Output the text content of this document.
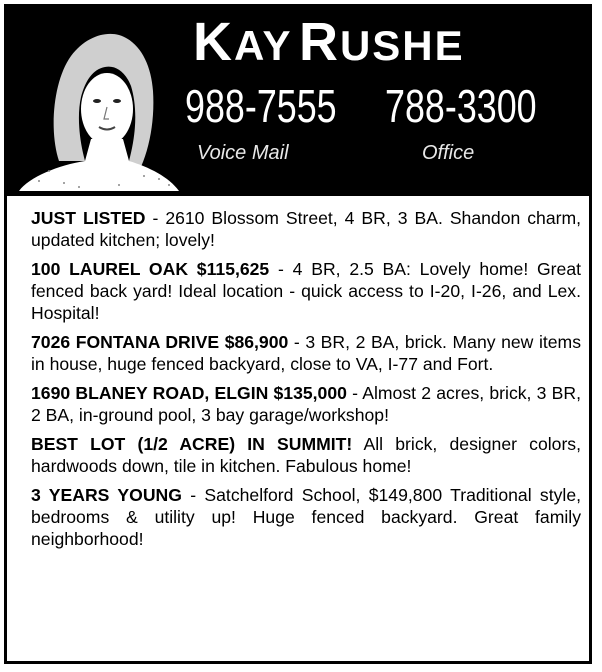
KAY RUSHE
988-7555 788-3300
Voice Mail	Office

JUST LISTED - 2610 Blossom Street, 4 BR, 3 BA. Shandon charm, updated kitchen; lovely!

100 LAUREL OAK $115,625 - 4 BR, 2.5 BA: Lovely home! Great fenced back yard! Ideal location - quick access to I-20, I-26, and Lex. Hospital!

7026 FONTANA DRIVE $86,900 - 3 BR, 2 BA, brick. Many new items in house, huge fenced backyard, close to VA, I-77 and Fort.

1690 BLANEY ROAD, ELGIN $135,000 - Almost 2 acres, brick, 3 BR, 2 BA, in-ground pool, 3 bay garage/workshop!

BEST LOT (1/2 ACRE) IN SUMMIT! All brick, designer colors, hardwoods down, tile in kitchen. Fabulous home!

3 YEARS YOUNG - Satchelford School, $149,800 Traditional style, bedrooms & utility up! Huge fenced backyard. Great family neighborhood!
